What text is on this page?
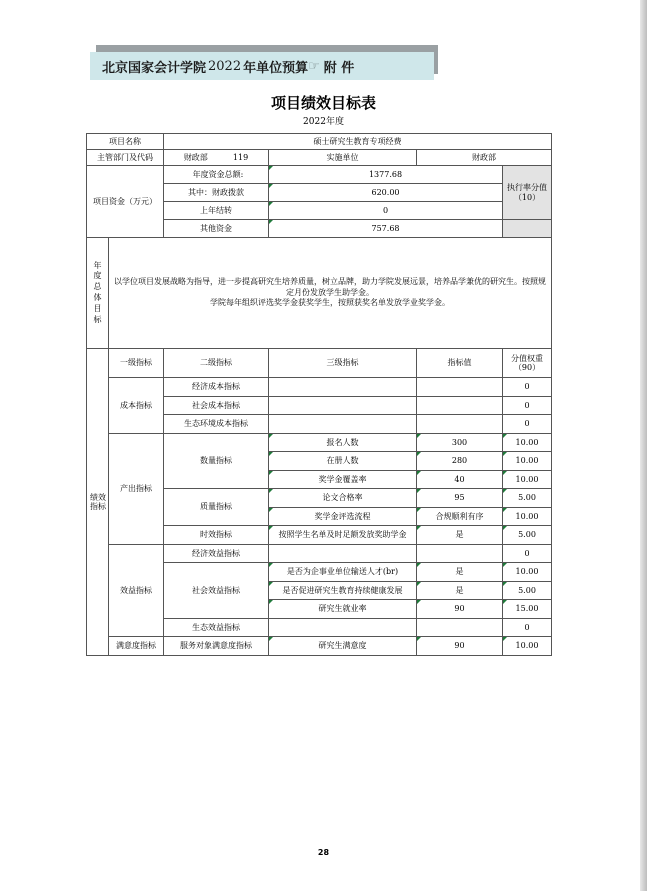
北京国家会计学院 2022 年单位预算 ☞ 附 件
项目绩效目标表
2022年度
项目名称		硕士研究生教育专项经费			
主管部门及代码		财政部 119	实施单位	财政部	
项目资金（万元）		年度资金总额:	1377.68		执行率分值（10）
		其中：财政拨款	620.00		
		上年结转	0		
		其他资金	757.68		

年度总体目标	以学位项目发展战略为指导，进一步提高研究生培养质量，树立品牌，助力学院发展远景，培养品学兼优的研究生。按照规定月份发放学生助学金。
学院每年组织评选奖学金获奖学生，按照获奖名单发放学业奖学金。				

绩效指标	一级指标	二级指标	三级指标	指标值	分值权重（90）

	成本指标	经济成本指标			0
		社会成本指标			0
		生态环境成本指标			0
	产出指标	数量指标	报名人数	300	10.00
			在册人数	280	10.00
			奖学金覆盖率	40	10.00
		质量指标	论文合格率	95	5.00
			奖学金评选流程	合规顺利有序	10.00
		时效指标	按照学生名单及时足额发放奖助学金	是	5.00
	效益指标	经济效益指标			0
		社会效益指标	是否为企事业单位输送人才(br)	是	10.00
			是否促进研究生教育持续健康发展	是	5.00
			研究生就业率	90	15.00
		生态效益指标			0
	满意度指标	服务对象满意度指标	研究生满意度	90	10.00
28
